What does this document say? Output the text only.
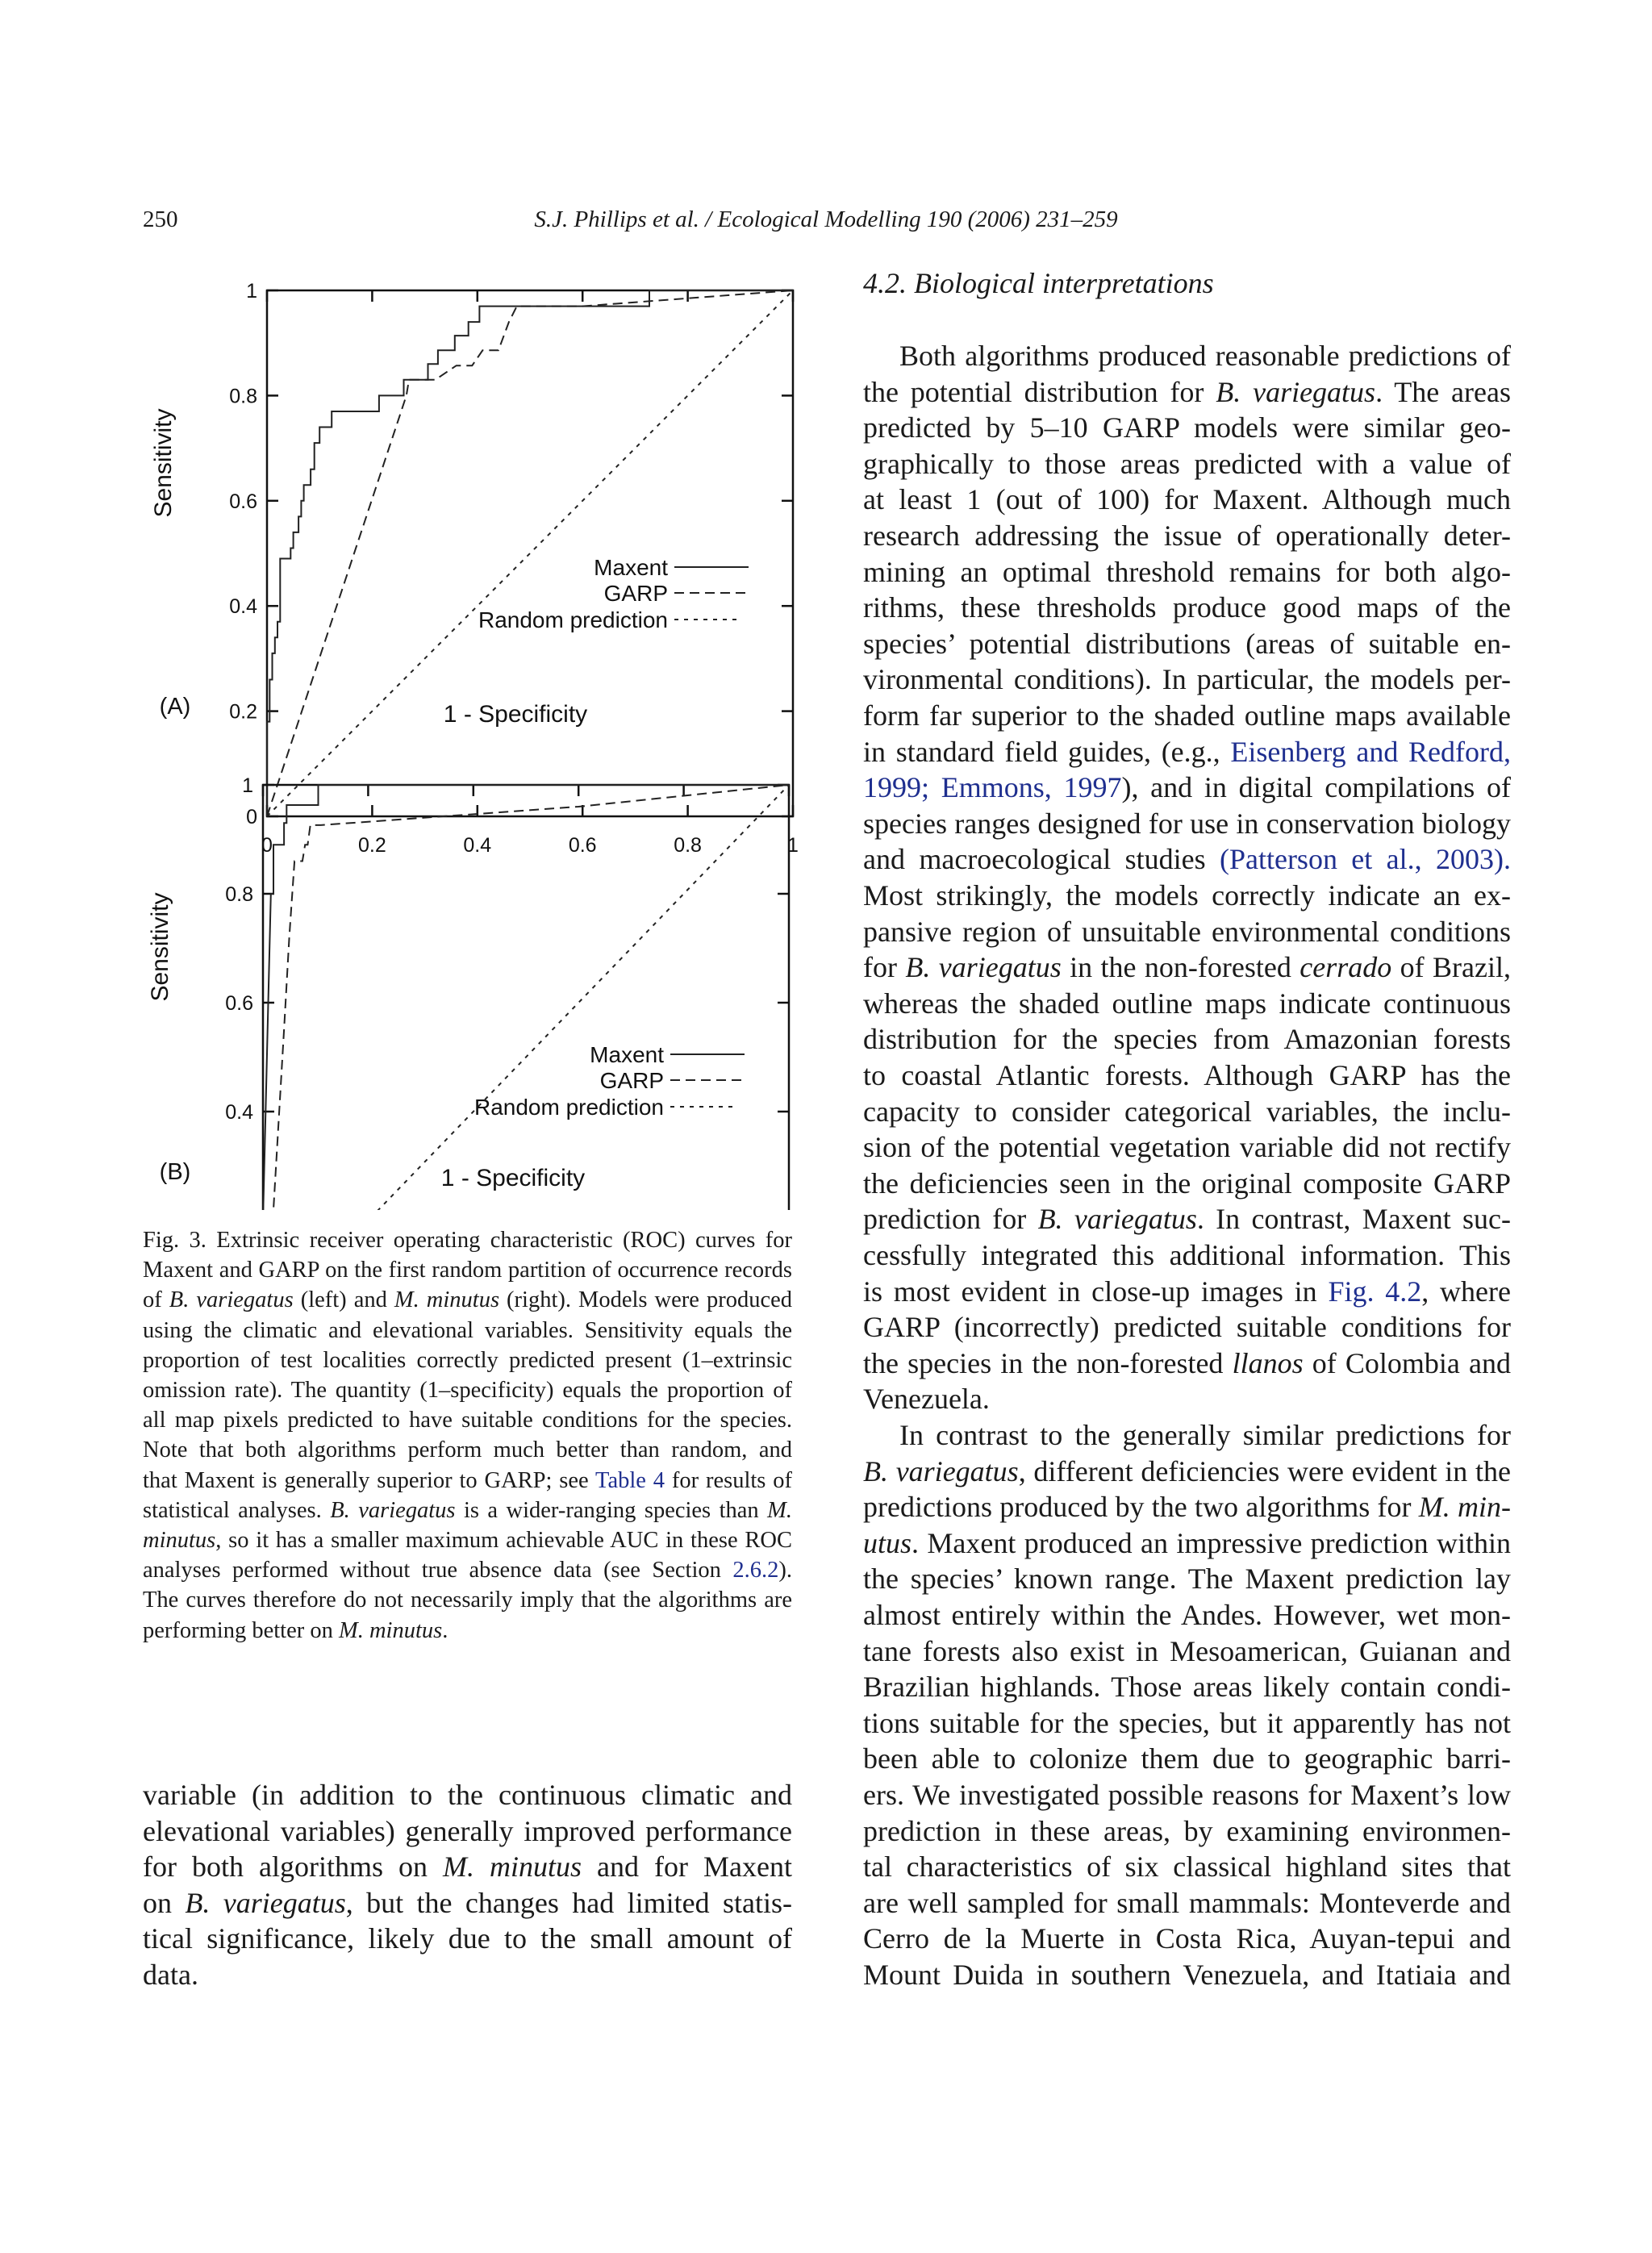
250	S.J. Phillips et al. / Ecological Modelling 190 (2006) 231–259
4.2. Biological interpretations
0	0.2	0.4	0.6	0.8	1
0
0.2
0.4
0.6
0.8
1
1 - Specificity
Sensitivity
(A)
Maxent
GARP
Random prediction
0.4
0.6
0.8
1
1 - Specificity
Sensitivity
(B)
Maxent
GARP
Random prediction
Fig. 3. Extrinsic receiver operating characteristic (ROC) curves for
Maxent and GARP on the first random partition of occurrence records
of B. variegatus (left) and M. minutus (right). Models were produced
using the climatic and elevational variables. Sensitivity equals the
proportion of test localities correctly predicted present (1–extrinsic
omission rate). The quantity (1–specificity) equals the proportion of
all map pixels predicted to have suitable conditions for the species.
Note that both algorithms perform much better than random, and
that Maxent is generally superior to GARP; see Table 4 for results of
statistical analyses. B. variegatus is a wider-ranging species than M.
minutus, so it has a smaller maximum achievable AUC in these ROC
analyses performed without true absence data (see Section 2.6.2).
The curves therefore do not necessarily imply that the algorithms are
performing better on M. minutus.
variable (in addition to the continuous climatic and
elevational variables) generally improved performance
for both algorithms on M. minutus and for Maxent
on B. variegatus, but the changes had limited statis-
tical significance, likely due to the small amount of
data.
Both algorithms produced reasonable predictions of
the potential distribution for B. variegatus. The areas
predicted by 5–10 GARP models were similar geo-
graphically to those areas predicted with a value of
at least 1 (out of 100) for Maxent. Although much
research addressing the issue of operationally deter-
mining an optimal threshold remains for both algo-
rithms, these thresholds produce good maps of the
species’ potential distributions (areas of suitable en-
vironmental conditions). In particular, the models per-
form far superior to the shaded outline maps available
in standard field guides, (e.g., Eisenberg and Redford,
1999; Emmons, 1997), and in digital compilations of
species ranges designed for use in conservation biology
and macroecological studies (Patterson et al., 2003).
Most strikingly, the models correctly indicate an ex-
pansive region of unsuitable environmental conditions
for B. variegatus in the non-forested cerrado of Brazil,
whereas the shaded outline maps indicate continuous
distribution for the species from Amazonian forests
to coastal Atlantic forests. Although GARP has the
capacity to consider categorical variables, the inclu-
sion of the potential vegetation variable did not rectify
the deficiencies seen in the original composite GARP
prediction for B. variegatus. In contrast, Maxent suc-
cessfully integrated this additional information. This
is most evident in close-up images in Fig. 4.2, where
GARP (incorrectly) predicted suitable conditions for
the species in the non-forested llanos of Colombia and
Venezuela.
In contrast to the generally similar predictions for
B. variegatus, different deficiencies were evident in the
predictions produced by the two algorithms for M. min-
utus. Maxent produced an impressive prediction within
the species’ known range. The Maxent prediction lay
almost entirely within the Andes. However, wet mon-
tane forests also exist in Mesoamerican, Guianan and
Brazilian highlands. Those areas likely contain condi-
tions suitable for the species, but it apparently has not
been able to colonize them due to geographic barri-
ers. We investigated possible reasons for Maxent’s low
prediction in these areas, by examining environmen-
tal characteristics of six classical highland sites that
are well sampled for small mammals: Monteverde and
Cerro de la Muerte in Costa Rica, Auyan-tepui and
Mount Duida in southern Venezuela, and Itatiaia and
